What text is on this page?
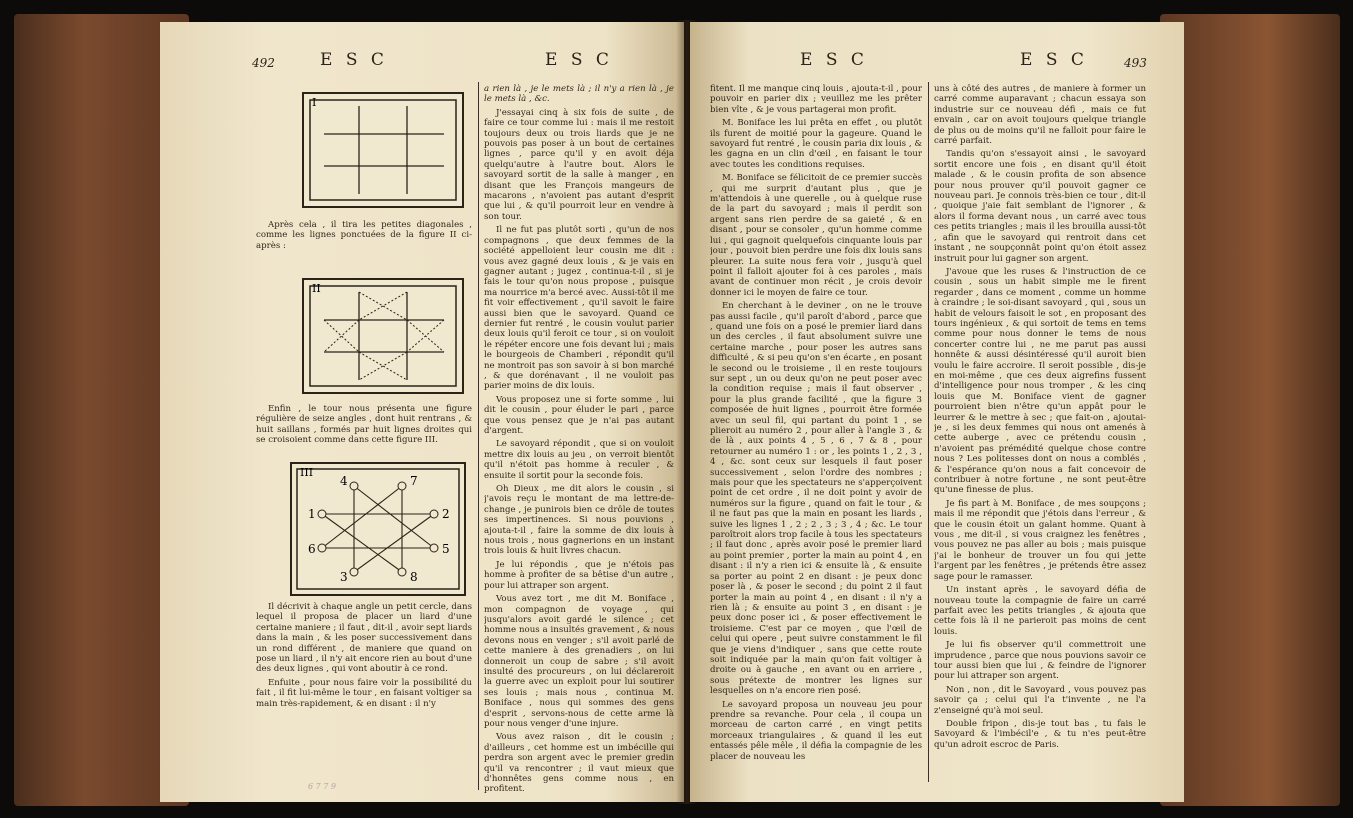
E S C	E S C
492
I

Après cela , il tira les petites diagonales , comme les lignes ponctuées de la figure II ci-après :

II

Enfin , le tour nous présenta une figure régulière de seize angles , dont huit rentrans , & huit saillans , formés par huit lignes droites qui se croisoient comme dans cette figure III.

III
4	7
1	2
6	5
3	8

Il décrivit à chaque angle un petit cercle, dans lequel il proposa de placer un liard d'une certaine maniere ; il faut , dit-il , avoir sept liards dans la main , & les poser successivement dans un rond différent , de maniere que quand on pose un liard , il n'y ait encore rien au bout d'une des deux lignes , qui vont aboutir à ce rond.

Enfuite , pour nous faire voir la possibilité du fait , il fit lui-même le tour , en faisant voltiger sa main très-rapidement, & en disant : il n'y

a rien là , je le mets là ; il n'y a rien là , je le mets là , &c.

J'essayai cinq à six fois de suite , de faire ce tour comme lui : mais il me restoit toujours deux ou trois liards que je ne pouvois pas poser à un bout de certaines lignes , parce qu'il y en avoit déja quelqu'autre à l'autre bout. Alors le savoyard sortit de la salle à manger , en disant que les François mangeurs de macarons , n'avoient pas autant d'esprit que lui , & qu'il pourroit leur en vendre à son tour.

Il ne fut pas plutôt sorti , qu'un de nos compagnons , que deux femmes de la société appelloient leur cousin me dit : vous avez gagné deux louis , & je vais en gagner autant ; jugez , continua-t-il , si je fais le tour qu'on nous propose , puisque ma nourrice m'a bercé avec. Aussi-tôt il me fit voir effectivement , qu'il savoit le faire aussi bien que le savoyard. Quand ce dernier fut rentré , le cousin voulut parier deux louis qu'il feroit ce tour , si on vouloit le répéter encore une fois devant lui ; mais le bourgeois de Chamberi , répondit qu'il ne montroit pas son savoir à si bon marché , & que dorénavant , il ne vouloit pas parier moins de dix louis.

Vous proposez une si forte somme , lui dit le cousin , pour éluder le pari , parce que vous pensez que je n'ai pas autant d'argent.

Le savoyard répondit , que si on vouloit mettre dix louis au jeu , on verroit bientôt qu'il n'étoit pas homme à reculer , & ensuite il sortit pour la seconde fois.

Oh Dieux , me dit alors le cousin , si j'avois reçu le montant de ma lettre-de-change , je punirois bien ce drôle de toutes ses impertinences. Si nous pouvions , ajouta-t-il , faire la somme de dix louis à nous trois , nous gagnerions en un instant trois louis & huit livres chacun.

Je lui répondis , que je n'étois pas homme à profiter de sa bêtise d'un autre , pour lui attraper son argent.

Vous avez tort , me dit M. Boniface , mon compagnon de voyage , qui jusqu'alors avoit gardé le silence ; cet homme nous a insultés gravement , & nous devons nous en venger ; s'il avoit parlé de cette maniere à des grenadiers , on lui donneroit un coup de sabre ; s'il avoit insulté des procureurs , on lui déclareroit la guerre avec un exploit pour lui soutirer ses louis ; mais nous , continua M. Boniface , nous qui sommes des gens d'esprit , servons-nous de cette arme là pour nous venger d'une injure.

Vous avez raison , dit le cousin ; d'ailleurs , cet homme est un imbécille qui perdra son argent avec le premier gredin qu'il va rencontrer ; il vaut mieux que d'honnêtes gens comme nous , en profitent.

6 7 7 9
E S C	E S C	493

fitent. Il me manque cinq louis , ajouta-t-il , pour pouvoir en parier dix ; veuillez me les prêter bien vîte , & je vous partagerai mon profit.

M. Boniface les lui prêta en effet , ou plutôt ils furent de moitié pour la gageure. Quand le savoyard fut rentré , le cousin paria dix louis , & les gagna en un clin d'œil , en faisant le tour avec toutes les conditions requises.

M. Boniface se félicitoit de ce premier succès , qui me surprit d'autant plus , que je m'attendois à une querelle , ou à quelque ruse de la part du savoyard ; mais il perdit son argent sans rien perdre de sa gaieté , & en disant , pour se consoler , qu'un homme comme lui , qui gagnoit quelquefois cinquante louis par jour , pouvoit bien perdre une fois dix louis sans pleurer. La suite nous fera voir , jusqu'à quel point il falloit ajouter foi à ces paroles , mais avant de continuer mon récit , je crois devoir donner ici le moyen de faire ce tour.

En cherchant à le deviner , on ne le trouve pas aussi facile , qu'il paroît d'abord , parce que , quand une fois on a posé le premier liard dans un des cercles , il faut absolument suivre une certaine marche , pour poser les autres sans difficulté , & si peu qu'on s'en écarte , en posant le second ou le troisieme , il en reste toujours sur sept , un ou deux qu'on ne peut poser avec la condition requise ; mais il faut observer , pour la plus grande facilité , que la figure 3 composée de huit lignes , pourroit être formée avec un seul fil, qui partant du point 1 , se plieroit au numéro 2 , pour aller à l'angle 3 , & de là , aux points 4 , 5 , 6 , 7 & 8 , pour retourner au numéro 1 : or , les points 1 , 2 , 3 , 4 , &c. sont ceux sur lesquels il faut poser successivement , selon l'ordre des nombres ; mais pour que les spectateurs ne s'apperçoivent point de cet ordre , il ne doit point y avoir de numéros sur la figure , quand on fait le tour , & il ne faut pas que la main en posant les liards , suive les lignes 1 , 2 ; 2 , 3 ; 3 , 4 ; &c. Le tour paroîtroit alors trop facile à tous les spectateurs ; il faut donc , après avoir posé le premier liard au point premier , porter la main au point 4 , en disant : il n'y a rien ici & ensuite là , & ensuite sa porter au point 2 en disant : je peux donc poser là , & poser le second ; du point 2 il faut porter la main au point 4 , en disant : il n'y a rien là ; & ensuite au point 3 , en disant : je peux donc poser ici , & poser effectivement le troisieme. C'est par ce moyen , que l'œil de celui qui opere , peut suivre constamment le fil que je viens d'indiquer , sans que cette route soit indiquée par la main qu'on fait voltiger à droite ou à gauche , en avant ou en arriere , sous prétexte de montrer les lignes sur lesquelles on n'a encore rien posé.

Le savoyard proposa un nouveau jeu pour prendre sa revanche. Pour cela , il coupa un morceau de carton carré , en vingt petits morceaux triangulaires , & quand il les eut entassés pêle mêle , il défia la compagnie de les placer de nouveau les

uns à côté des autres , de maniere à former un carré comme auparavant ; chacun essaya son industrie sur ce nouveau défi , mais ce fut envain , car on avoit toujours quelque triangle de plus ou de moins qu'il ne falloit pour faire le carré parfait.

Tandis qu'on s'essayoit ainsi , le savoyard sortit encore une fois , en disant qu'il étoit malade , & le cousin profita de son absence pour nous prouver qu'il pouvoit gagner ce nouveau pari. Je connois très-bien ce tour , dit-il , quoique j'aie fait semblant de l'ignorer , & alors il forma devant nous , un carré avec tous ces petits triangles ; mais il les brouilla aussi-tôt , afin que le savoyard qui rentroit dans cet instant , ne soupçonnât point qu'on étoit assez instruit pour lui gagner son argent.

J'avoue que les ruses & l'instruction de ce cousin , sous un habit simple me le firent regarder , dans ce moment , comme un homme à craindre ; le soi-disant savoyard , qui , sous un habit de velours faisoit le sot , en proposant des tours ingénieux , & qui sortoit de tems en tems comme pour nous donner le tems de nous concerter contre lui , ne me parut pas aussi honnête & aussi désintéressé qu'il auroit bien voulu le faire accroire. Il seroit possible , dis-je en moi-même , que ces deux aigrefins fussent d'intelligence pour nous tromper , & les cinq louis que M. Boniface vient de gagner pourroient bien n'être qu'un appât pour le leurrer & le mettre à sec ; que fait-on , ajoutai-je , si les deux femmes qui nous ont amenés à cette auberge , avec ce prétendu cousin , n'avoient pas prémédité quelque chose contre nous ? Les politesses dont on nous a comblés , & l'espérance qu'on nous a fait concevoir de contribuer à notre fortune , ne sont peut-être qu'une finesse de plus.

Je fis part à M. Boniface , de mes soupçons ; mais il me répondit que j'étois dans l'erreur , & que le cousin étoit un galant homme. Quant à vous , me dit-il , si vous craignez les fenêtres , vous pouvez ne pas aller au bois ; mais puisque j'ai le bonheur de trouver un fou qui jette l'argent par les fenêtres , je prétends être assez sage pour le ramasser.

Un instant après , le savoyard défia de nouveau toute la compagnie de faire un carré parfait avec les petits triangles , & ajouta que cette fois là il ne parieroit pas moins de cent louis.

Je lui fis observer qu'il commettroit une imprudence , parce que nous pouvions savoir ce tour aussi bien que lui , & feindre de l'ignorer pour lui attraper son argent.

Non , non , dit le Savoyard , vous pouvez pas savoir ça ; celui qui l'a t'invente , ne l'a z'enseigné qu'à moi seul.

Double fripon , dis-je tout bas , tu fais le Savoyard & l'imbécil'e , & tu n'es peut-être qu'un adroit escroc de Paris.
